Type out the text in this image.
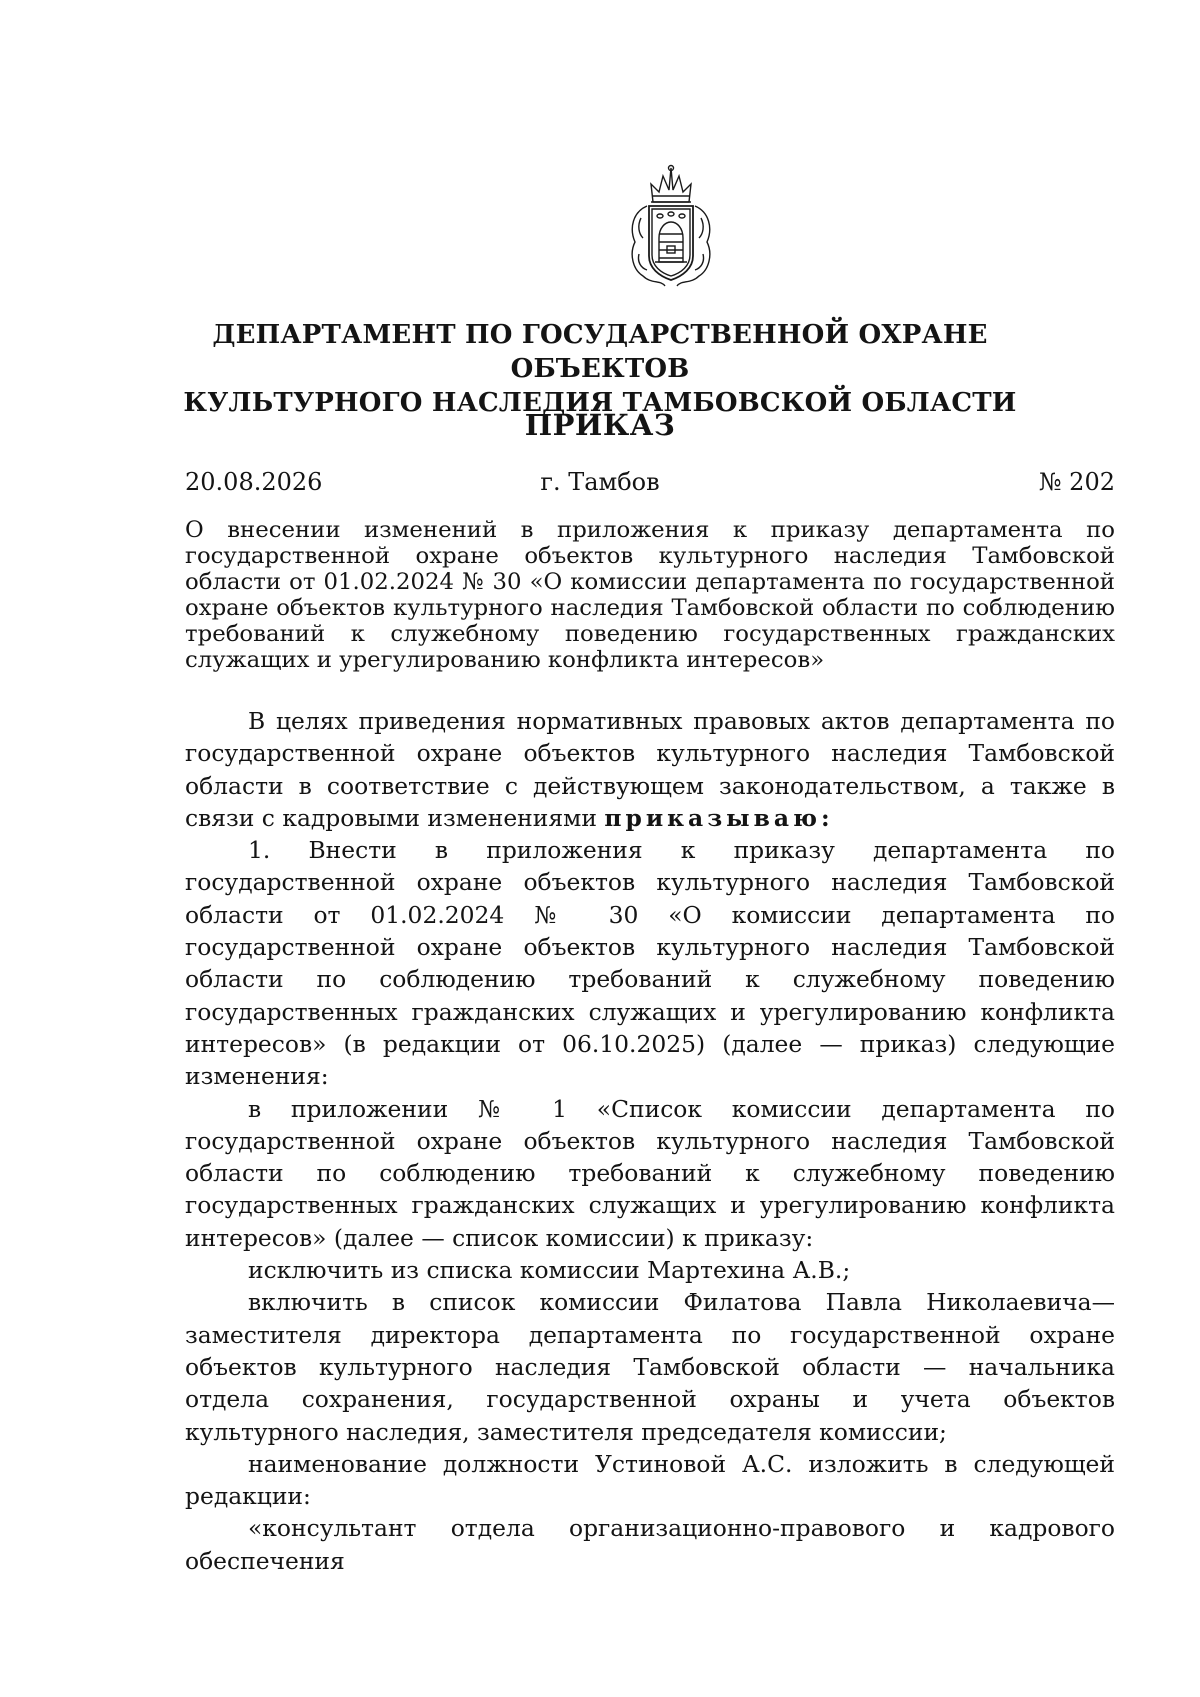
ДЕПАРТАМЕНТ ПО ГОСУДАРСТВЕННОЙ ОХРАНЕ ОБЪЕКТОВ
КУЛЬТУРНОГО НАСЛЕДИЯ ТАМБОВСКОЙ ОБЛАСТИ
ПРИКАЗ
20.08.2026	г. Тамбов	№ 202
О внесении изменений в приложения к приказу департамента по государственной охране объектов культурного наследия Тамбовской области от 01.02.2024 № 30 «О комиссии департамента по государственной охране объектов культурного наследия Тамбовской области по соблюдению требований к служебному поведению государственных гражданских служащих и урегулированию конфликта интересов»

В целях приведения нормативных правовых актов департамента по государственной охране объектов культурного наследия Тамбовской области в соответствие с действующем законодательством, а также в связи с кадровыми изменениями приказываю:

1. Внести в приложения к приказу департамента по государственной охране объектов культурного наследия Тамбовской области от 01.02.2024 № 30 «О комиссии департамента по государственной охране объектов культурного наследия Тамбовской области по соблюдению требований к служебному поведению государственных гражданских служащих и урегулированию конфликта интересов» (в редакции от 06.10.2025) (далее — приказ) следующие изменения:

в приложении № 1 «Список комиссии департамента по государственной охране объектов культурного наследия Тамбовской области по соблюдению требований к служебному поведению государственных гражданских служащих и урегулированию конфликта интересов» (далее — список комиссии) к приказу:

исключить из списка комиссии Мартехина А.В.;

включить в список комиссии Филатова Павла Николаевича— заместителя директора департамента по государственной охране объектов культурного наследия Тамбовской области — начальника отдела сохранения, государственной охраны и учета объектов культурного наследия, заместителя председателя комиссии;

наименование должности Устиновой А.С. изложить в следующей редакции:

«консультант отдела организационно-правового и кадрового обеспечения
